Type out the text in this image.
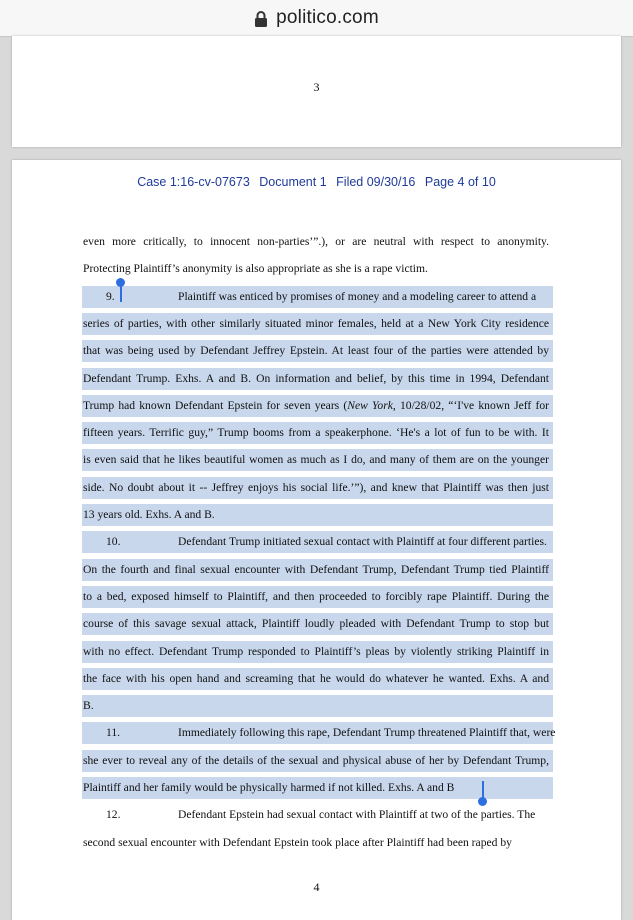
politico.com
3
Case 1:16-cv-07673 Document 1 Filed 09/30/16 Page 4 of 10
even more critically, to innocent non-parties’”.), or are neutral with respect to anonymity.
Protecting Plaintiff’s anonymity is also appropriate as she is a rape victim.
9.	Plaintiff was enticed by promises of money and a modeling career to attend a
series of parties, with other similarly situated minor females, held at a New York City residence
that was being used by Defendant Jeffrey Epstein. At least four of the parties were attended by
Defendant Trump. Exhs. A and B. On information and belief, by this time in 1994, Defendant
Trump had known Defendant Epstein for seven years (New York, 10/28/02, “‘I've known Jeff for
fifteen years. Terrific guy,” Trump booms from a speakerphone. ‘He's a lot of fun to be with. It
is even said that he likes beautiful women as much as I do, and many of them are on the younger
side. No doubt about it -- Jeffrey enjoys his social life.’”), and knew that Plaintiff was then just
13 years old. Exhs. A and B.
10.	Defendant Trump initiated sexual contact with Plaintiff at four different parties.
On the fourth and final sexual encounter with Defendant Trump, Defendant Trump tied Plaintiff
to a bed, exposed himself to Plaintiff, and then proceeded to forcibly rape Plaintiff. During the
course of this savage sexual attack, Plaintiff loudly pleaded with Defendant Trump to stop but
with no effect. Defendant Trump responded to Plaintiff’s pleas by violently striking Plaintiff in
the face with his open hand and screaming that he would do whatever he wanted. Exhs. A and
B.
11.	Immediately following this rape, Defendant Trump threatened Plaintiff that, were
she ever to reveal any of the details of the sexual and physical abuse of her by Defendant Trump,
Plaintiff and her family would be physically harmed if not killed. Exhs. A and B
12.	Defendant Epstein had sexual contact with Plaintiff at two of the parties. The
second sexual encounter with Defendant Epstein took place after Plaintiff had been raped by
4
